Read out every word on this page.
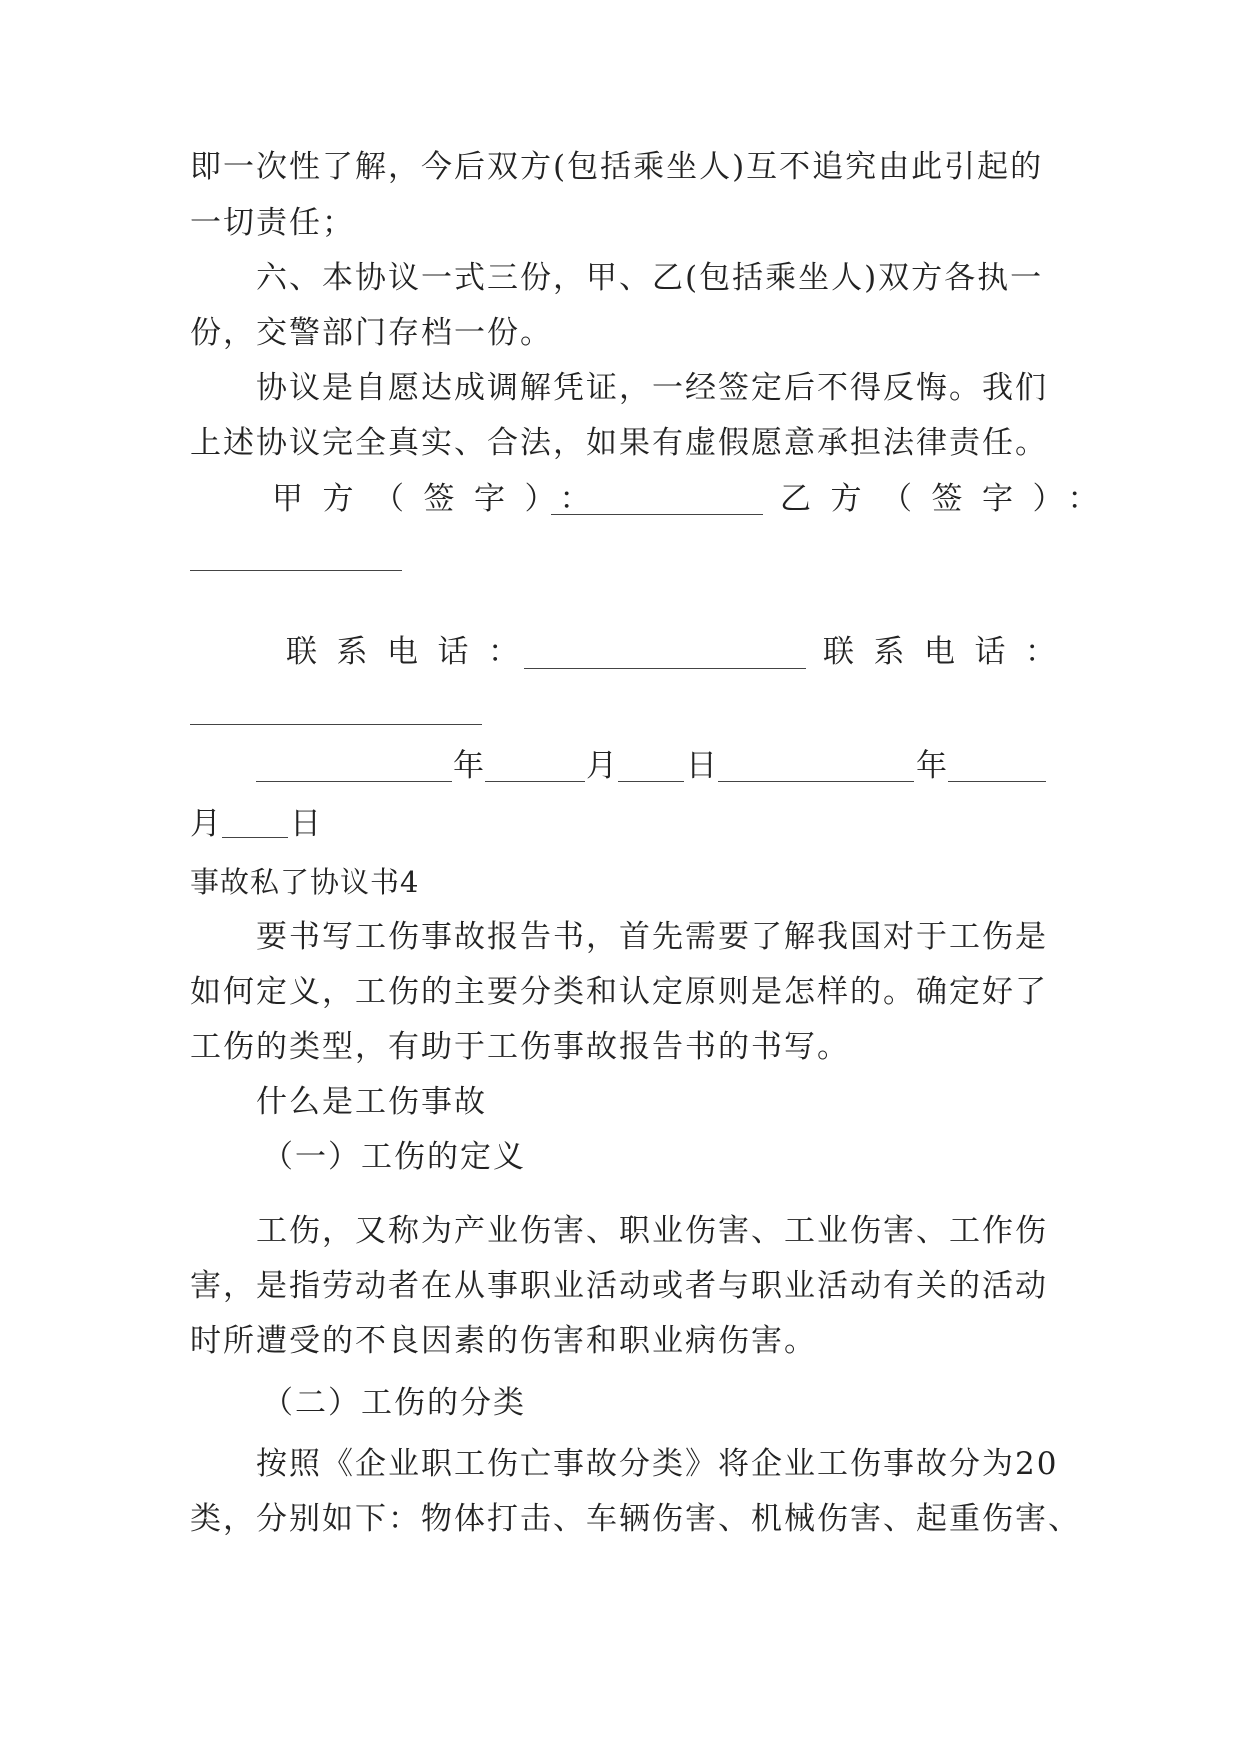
即一次性了解，今后双方(包括乘坐人)互不追究由此引起的
一切责任；
六、本协议一式三份，甲、乙(包括乘坐人)双方各执一
份，交警部门存档一份。
协议是自愿达成调解凭证，一经签定后不得反悔。我们
上述协议完全真实、合法，如果有虚假愿意承担法律责任。
甲方（签字）：	乙方（签字）：
联系电话：	联系电话：
年	月 日	年
月 日
事故私了协议书4
要书写工伤事故报告书，首先需要了解我国对于工伤是
如何定义，工伤的主要分类和认定原则是怎样的。确定好了
工伤的类型，有助于工伤事故报告书的书写。
什么是工伤事故
（一）工伤的定义
工伤，又称为产业伤害、职业伤害、工业伤害、工作伤
害，是指劳动者在从事职业活动或者与职业活动有关的活动
时所遭受的不良因素的伤害和职业病伤害。
（二）工伤的分类
按照《企业职工伤亡事故分类》将企业工伤事故分为20
类，分别如下：物体打击、车辆伤害、机械伤害、起重伤害、
